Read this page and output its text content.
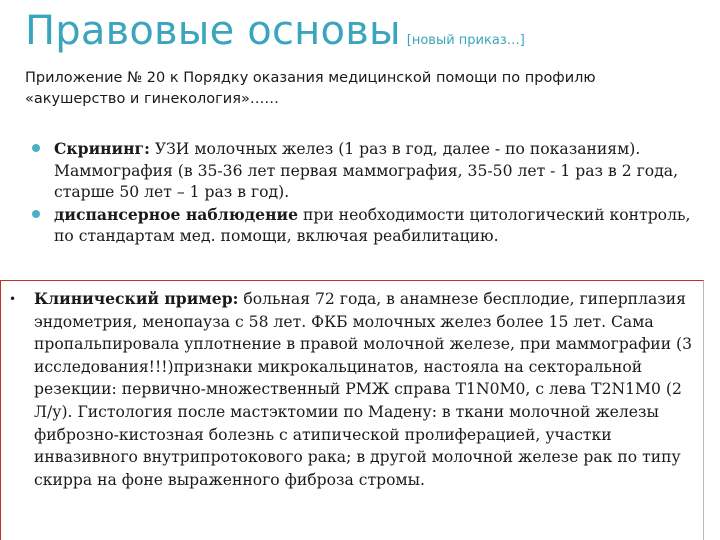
Правовые основы [новый приказ…]
Приложение № 20 к Порядку оказания медицинской помощи по профилю «акушерство и гинекология»……
Скрининг: УЗИ молочных желез (1 раз в год, далее - по показаниям). Маммография (в 35-36 лет первая маммография, 35-50 лет - 1 раз в 2 года, старше 50 лет – 1 раз в год).
диспансерное наблюдение при необходимости цитологический контроль, по стандартам мед. помощи, включая реабилитацию.
• Клинический пример: больная 72 года, в анамнезе бесплодие, гиперплазия эндометрия, менопауза с 58 лет. ФКБ молочных желез более 15 лет. Сама пропальпировала уплотнение в правой молочной железе, при маммографии (3 исследования!!!)признаки микрокальцинатов, настояла на секторальной резекции: первично-множественный РМЖ справа T1N0M0, с лева T2N1M0 (2 Л/у). Гистология после мастэктомии по Мадену: в ткани молочной железы фиброзно-кистозная болезнь с атипической пролиферацией, участки инвазивного внутрипротокового рака; в другой молочной железе рак по типу скирра на фоне выраженного фиброза стромы.
